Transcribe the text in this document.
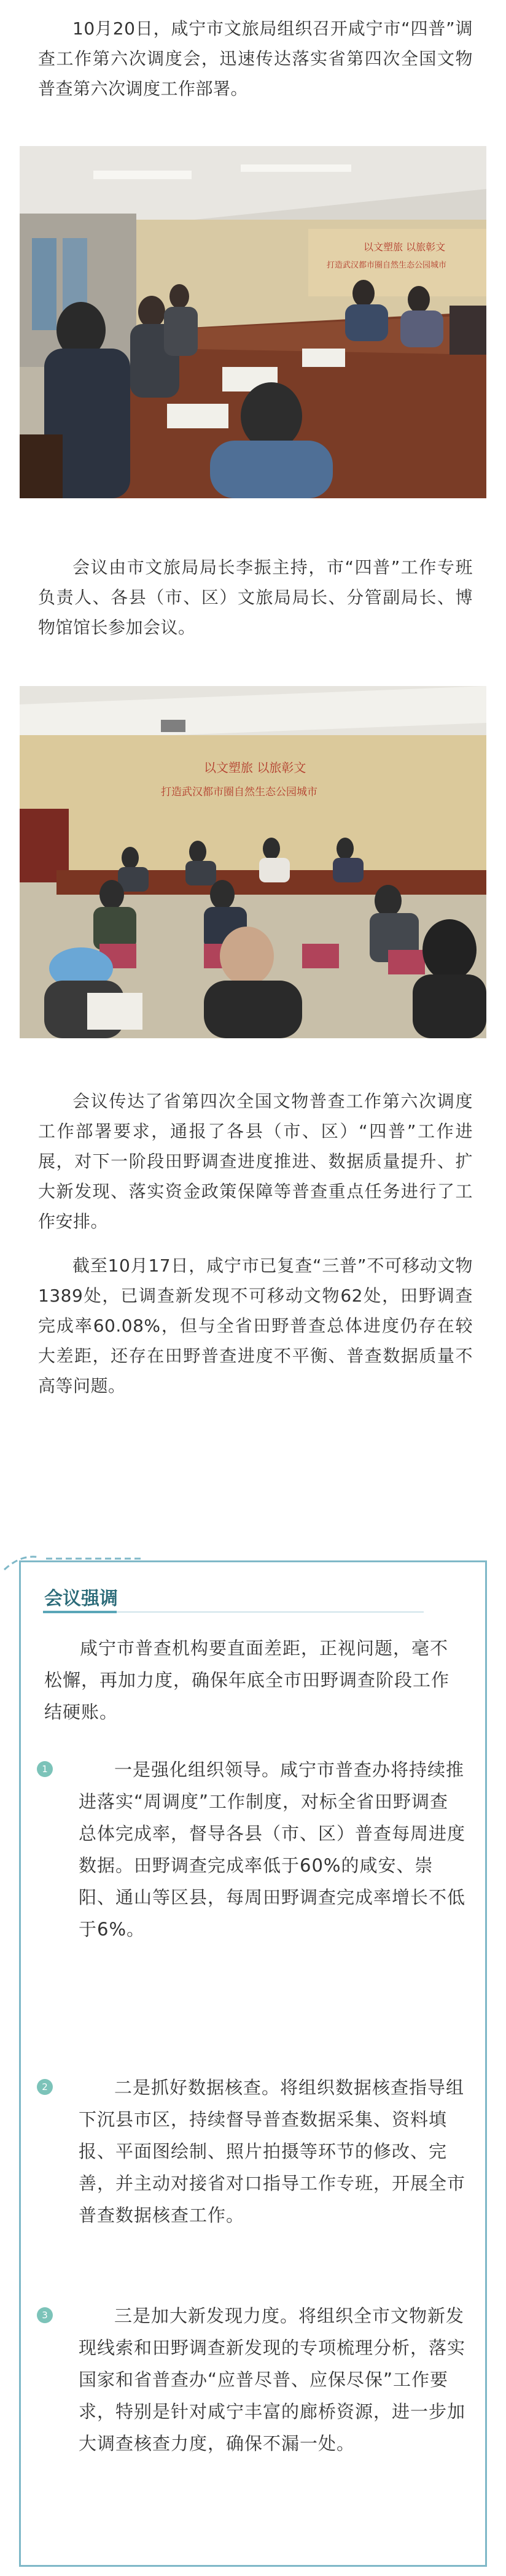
10月20日，咸宁市文旅局组织召开咸宁市“四普”调查工作第六次调度会，迅速传达落实省第四次全国文物普查第六次调度工作部署。

以文塑旅 以旅彰文
打造武汉都市圈自然生态公园城市

会议由市文旅局局长李振主持，市“四普”工作专班负责人、各县（市、区）文旅局局长、分管副局长、博物馆馆长参加会议。

以文塑旅 以旅彰文
打造武汉都市圈自然生态公园城市

会议传达了省第四次全国文物普查工作第六次调度工作部署要求，通报了各县（市、区）“四普”工作进展，对下一阶段田野调查进度推进、数据质量提升、扩大新发现、落实资金政策保障等普查重点任务进行了工作安排。

截至10月17日，咸宁市已复查“三普”不可移动文物1389处，已调查新发现不可移动文物62处，田野调查完成率60.08%，但与全省田野普查总体进度仍存在较大差距，还存在田野普查进度不平衡、普查数据质量不高等问题。

会议强调

咸宁市普查机构要直面差距，正视问题，毫不松懈，再加力度，确保年底全市田野调查阶段工作结硬账。

1	一是强化组织领导。咸宁市普查办将持续推进落实“周调度”工作制度，对标全省田野调查总体完成率，督导各县（市、区）普查每周进度数据。田野调查完成率低于60%的咸安、崇阳、通山等区县，每周田野调查完成率增长不低于6%。

2	二是抓好数据核查。将组织数据核查指导组下沉县市区，持续督导普查数据采集、资料填报、平面图绘制、照片拍摄等环节的修改、完善，并主动对接省对口指导工作专班，开展全市普查数据核查工作。

3	三是加大新发现力度。将组织全市文物新发现线索和田野调查新发现的专项梳理分析，落实国家和省普查办“应普尽普、应保尽保”工作要求，特别是针对咸宁丰富的廊桥资源，进一步加大调查核查力度，确保不漏一处。
